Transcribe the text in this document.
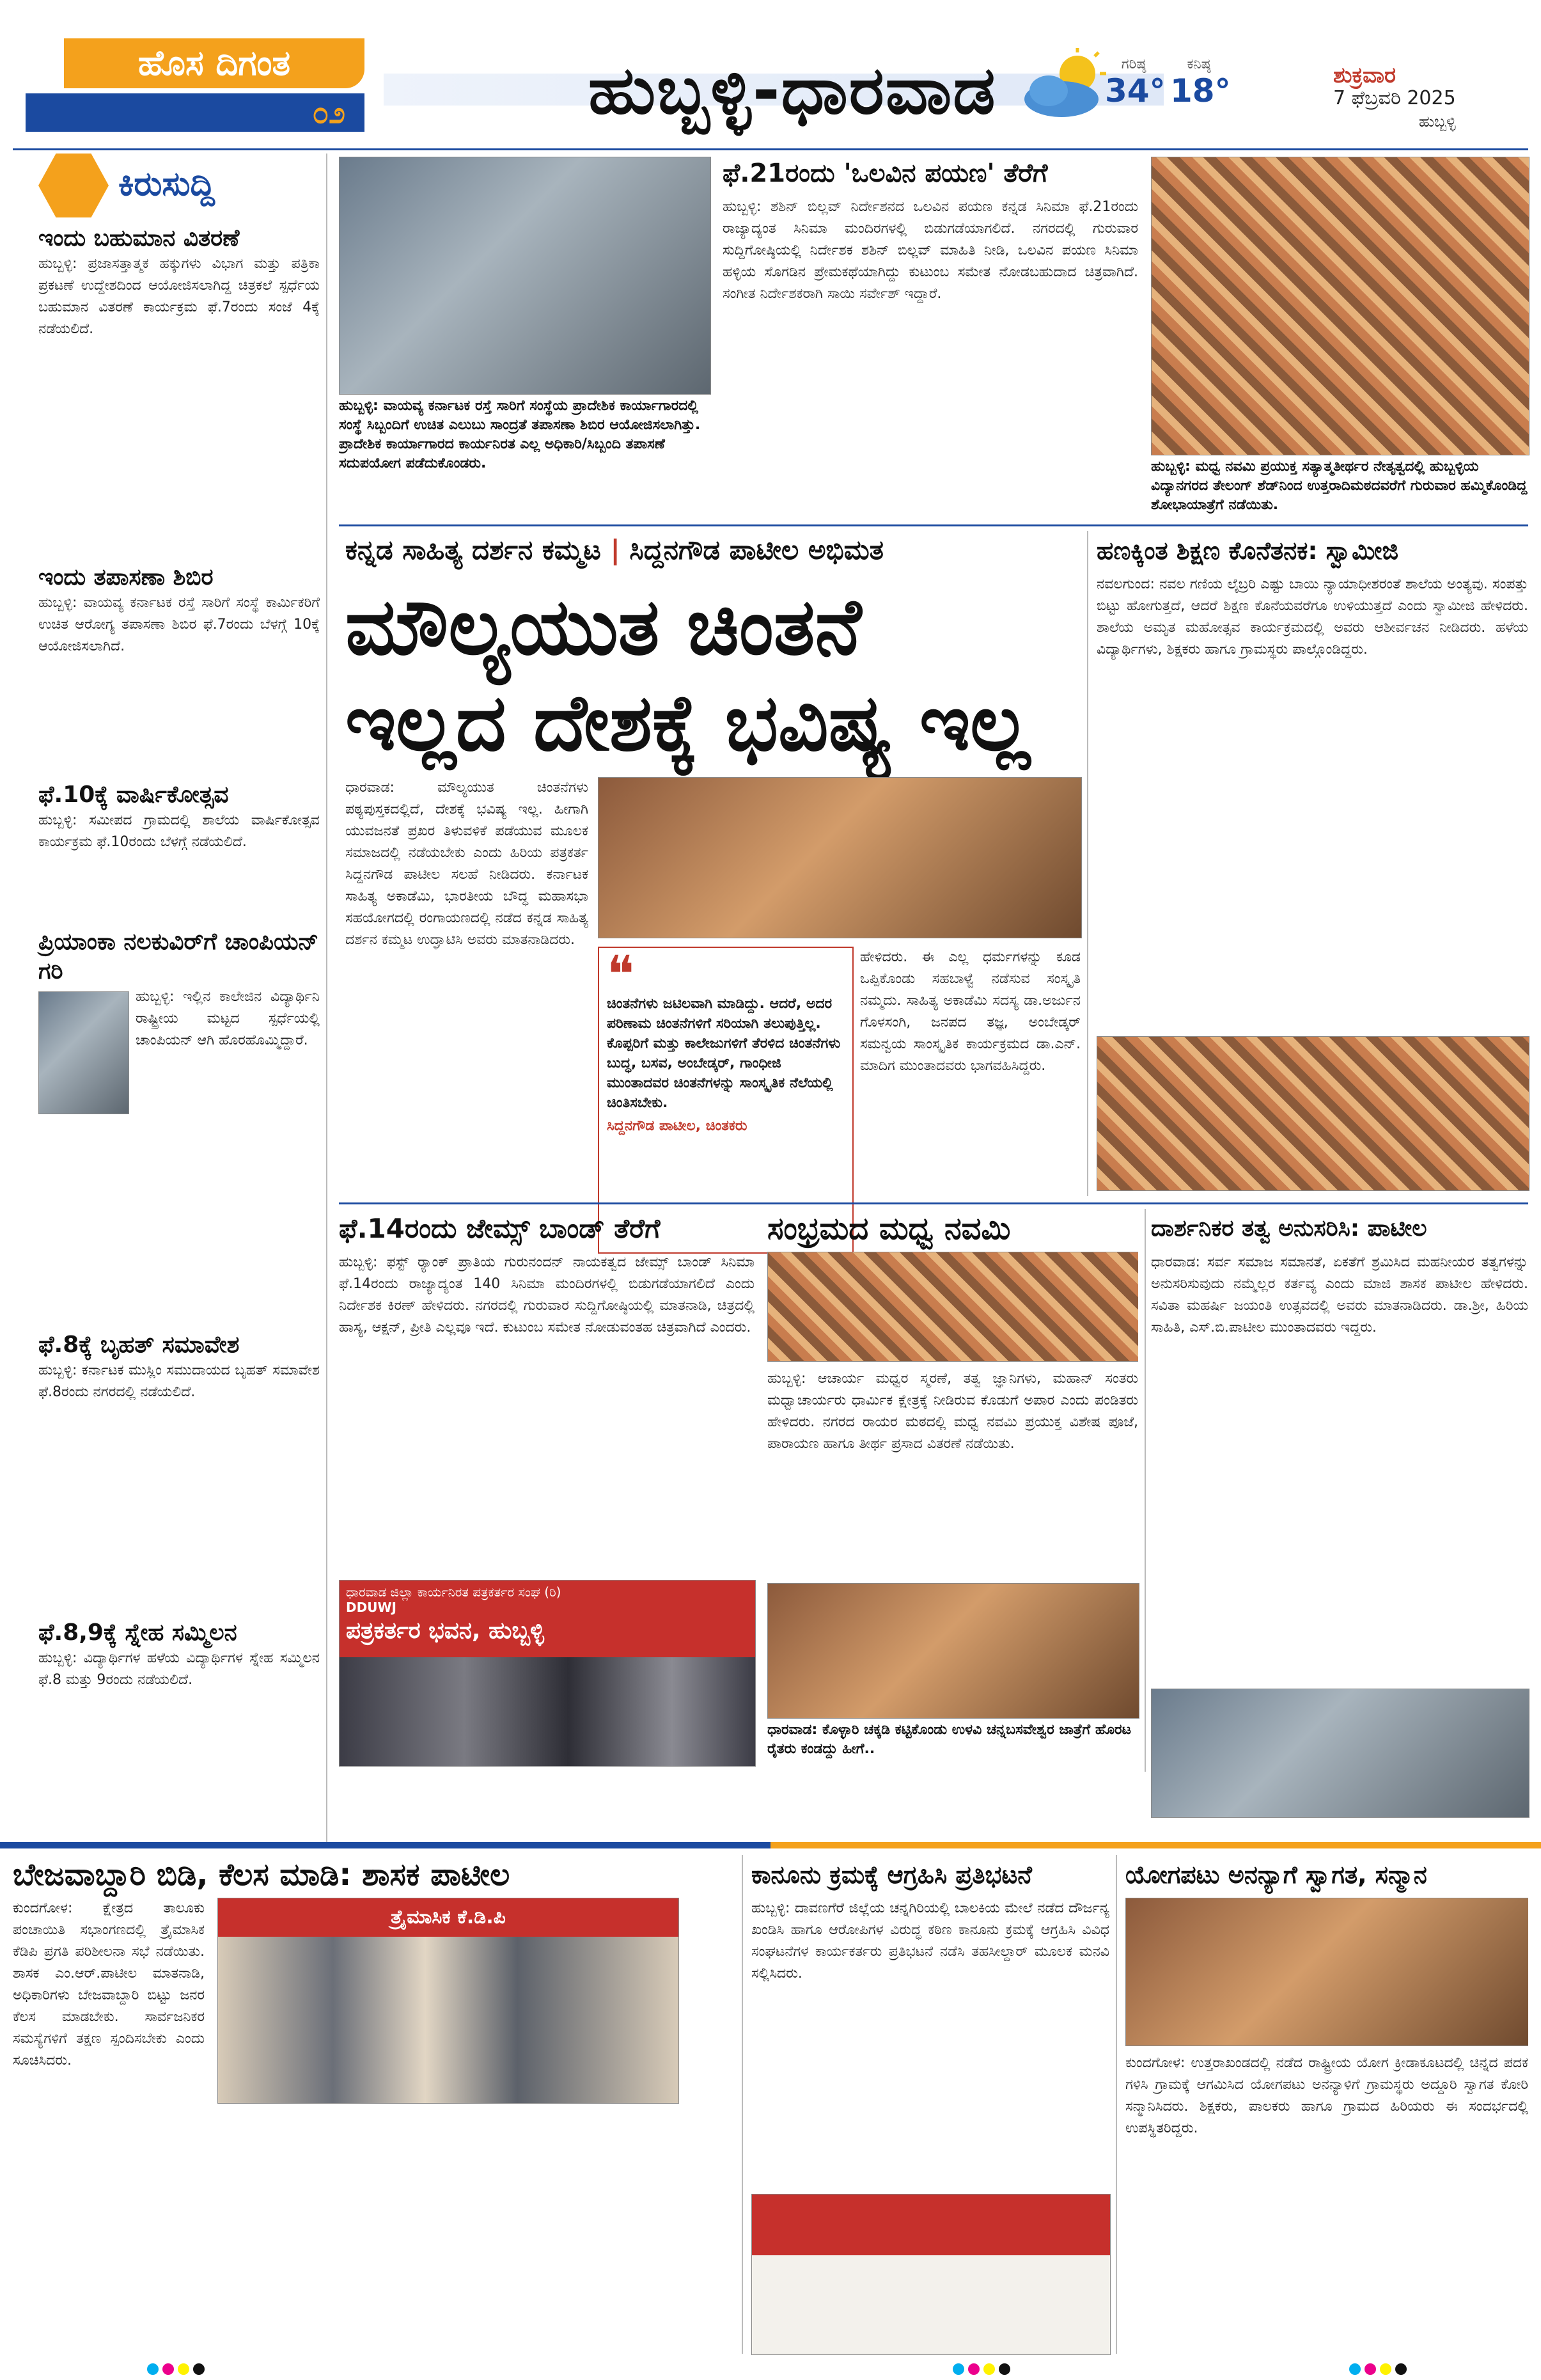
ಹೊಸ ದಿಗಂತ
೦೨	ಹುಬ್ಬಳ್ಳಿ-ಧಾರವಾಡ	ಗರಿಷ್ಠ
34°
ಕನಿಷ್ಠ
18°	ಶುಕ್ರವಾರ
7 ಫೆಬ್ರವರಿ 2025
ಹುಬ್ಬಳ್ಳಿ
ಕಿರುಸುದ್ದಿ
ಇಂದು ಬಹುಮಾನ ವಿತರಣೆ
ಹುಬ್ಬಳ್ಳಿ: ಪ್ರಜಾಸತ್ತಾತ್ಮಕ ಹಕ್ಕುಗಳು ವಿಭಾಗ ಮತ್ತು ಪತ್ರಿಕಾ ಪ್ರಕಟಣೆ ಉದ್ದೇಶದಿಂದ ಆಯೋಜಿಸಲಾಗಿದ್ದ ಚಿತ್ರಕಲೆ ಸ್ಪರ್ಧೆಯ ಬಹುಮಾನ ವಿತರಣೆ ಕಾರ್ಯಕ್ರಮ ಫೆ.7ರಂದು ಸಂಜೆ 4ಕ್ಕೆ ನಡೆಯಲಿದೆ.
ಇಂದು ತಪಾಸಣಾ ಶಿಬಿರ
ಹುಬ್ಬಳ್ಳಿ: ವಾಯವ್ಯ ಕರ್ನಾಟಕ ರಸ್ತೆ ಸಾರಿಗೆ ಸಂಸ್ಥೆ ಕಾರ್ಮಿಕರಿಗೆ ಉಚಿತ ಆರೋಗ್ಯ ತಪಾಸಣಾ ಶಿಬಿರ ಫೆ.7ರಂದು ಬೆಳಗ್ಗೆ 10ಕ್ಕೆ ಆಯೋಜಿಸಲಾಗಿದೆ.
ಫೆ.10ಕ್ಕೆ ವಾರ್ಷಿಕೋತ್ಸವ
ಹುಬ್ಬಳ್ಳಿ: ಸಮೀಪದ ಗ್ರಾಮದಲ್ಲಿ ಶಾಲೆಯ ವಾರ್ಷಿಕೋತ್ಸವ ಕಾರ್ಯಕ್ರಮ ಫೆ.10ರಂದು ಬೆಳಗ್ಗೆ ನಡೆಯಲಿದೆ.
ಪ್ರಿಯಾಂಕಾ ನಲಕುವಿರ್‌ಗೆ ಚಾಂಪಿಯನ್ ಗರಿ
ಹುಬ್ಬಳ್ಳಿ: ಇಲ್ಲಿನ ಕಾಲೇಜಿನ ವಿದ್ಯಾರ್ಥಿನಿ ರಾಷ್ಟ್ರೀಯ ಮಟ್ಟದ ಸ್ಪರ್ಧೆಯಲ್ಲಿ ಚಾಂಪಿಯನ್ ಆಗಿ ಹೊರಹೊಮ್ಮಿದ್ದಾರೆ.
ಫೆ.8ಕ್ಕೆ ಬೃಹತ್ ಸಮಾವೇಶ
ಹುಬ್ಬಳ್ಳಿ: ಕರ್ನಾಟಕ ಮುಸ್ಲಿಂ ಸಮುದಾಯದ ಬೃಹತ್ ಸಮಾವೇಶ ಫೆ.8ರಂದು ನಗರದಲ್ಲಿ ನಡೆಯಲಿದೆ.
ಫೆ.8,9ಕ್ಕೆ ಸ್ನೇಹ ಸಮ್ಮಿಲನ
ಹುಬ್ಬಳ್ಳಿ: ವಿದ್ಯಾರ್ಥಿಗಳ ಹಳೆಯ ವಿದ್ಯಾರ್ಥಿಗಳ ಸ್ನೇಹ ಸಮ್ಮಿಲನ ಫೆ.8 ಮತ್ತು 9ರಂದು ನಡೆಯಲಿದೆ.
ಹುಬ್ಬಳ್ಳಿ: ವಾಯವ್ಯ ಕರ್ನಾಟಕ ರಸ್ತೆ ಸಾರಿಗೆ ಸಂಸ್ಥೆಯ ಪ್ರಾದೇಶಿಕ ಕಾರ್ಯಾಗಾರದಲ್ಲಿ ಸಂಸ್ಥೆ ಸಿಬ್ಬಂದಿಗೆ ಉಚಿತ ಎಲುಬು ಸಾಂದ್ರತೆ ತಪಾಸಣಾ ಶಿಬಿರ ಆಯೋಜಿಸಲಾಗಿತ್ತು. ಪ್ರಾದೇಶಿಕ ಕಾರ್ಯಾಗಾರದ ಕಾರ್ಯನಿರತ ಎಲ್ಲ ಅಧಿಕಾರಿ/ಸಿಬ್ಬಂದಿ ತಪಾಸಣೆ ಸದುಪಯೋಗ ಪಡೆದುಕೊಂಡರು.
ಫೆ.21ರಂದು 'ಒಲವಿನ ಪಯಣ' ತೆರೆಗೆ
ಹುಬ್ಬಳ್ಳಿ: ಶಶಿನ್ ಬಿಲ್ಲವ್ ನಿರ್ದೇಶನದ ಒಲವಿನ ಪಯಣ ಕನ್ನಡ ಸಿನಿಮಾ ಫೆ.21ರಂದು ರಾಜ್ಯಾದ್ಯಂತ ಸಿನಿಮಾ ಮಂದಿರಗಳಲ್ಲಿ ಬಿಡುಗಡೆಯಾಗಲಿದೆ. ನಗರದಲ್ಲಿ ಗುರುವಾರ ಸುದ್ದಿಗೋಷ್ಠಿಯಲ್ಲಿ ನಿರ್ದೇಶಕ ಶಶಿನ್ ಬಿಲ್ಲವ್ ಮಾಹಿತಿ ನೀಡಿ, ಒಲವಿನ ಪಯಣ ಸಿನಿಮಾ ಹಳ್ಳಿಯ ಸೊಗಡಿನ ಪ್ರೇಮಕಥೆಯಾಗಿದ್ದು ಕುಟುಂಬ ಸಮೇತ ನೋಡಬಹುದಾದ ಚಿತ್ರವಾಗಿದೆ. ಸಂಗೀತ ನಿರ್ದೇಶಕರಾಗಿ ಸಾಯಿ ಸರ್ವೇಶ್ ಇದ್ದಾರೆ.
ಹುಬ್ಬಳ್ಳಿ: ಮಧ್ವ ನವಮಿ ಪ್ರಯುಕ್ತ ಸತ್ಯಾತ್ಮತೀರ್ಥರ ನೇತೃತ್ವದಲ್ಲಿ ಹುಬ್ಬಳ್ಳಿಯ ವಿದ್ಯಾನಗರದ ತೇಲಂಗ್ ಶೆಡ್‌ನಿಂದ ಉತ್ತರಾದಿಮಠದವರೆಗೆ ಗುರುವಾರ ಹಮ್ಮಿಕೊಂಡಿದ್ದ ಶೋಭಾಯಾತ್ರೆಗೆ ನಡೆಯಿತು.
ಕನ್ನಡ ಸಾಹಿತ್ಯ ದರ್ಶನ ಕಮ್ಮಟ | ಸಿದ್ದನಗೌಡ ಪಾಟೀಲ ಅಭಿಮತ
ಮೌಲ್ಯಯುತ ಚಿಂತನೆ
ಇಲ್ಲದ ದೇಶಕ್ಕೆ ಭವಿಷ್ಯ ಇಲ್ಲ
ಧಾರವಾಡ: ಮೌಲ್ಯಯುತ ಚಿಂತನೆಗಳು ಪಠ್ಯಪುಸ್ತಕದಲ್ಲಿದೆ, ದೇಶಕ್ಕೆ ಭವಿಷ್ಯ ಇಲ್ಲ. ಹೀಗಾಗಿ ಯುವಜನತೆ ಪ್ರಖರ ತಿಳುವಳಿಕೆ ಪಡೆಯುವ ಮೂಲಕ ಸಮಾಜದಲ್ಲಿ ನಡೆಯಬೇಕು ಎಂದು ಹಿರಿಯ ಪತ್ರಕರ್ತ ಸಿದ್ದನಗೌಡ ಪಾಟೀಲ ಸಲಹೆ ನೀಡಿದರು. ಕರ್ನಾಟಕ ಸಾಹಿತ್ಯ ಅಕಾಡೆಮಿ, ಭಾರತೀಯ ಬೌದ್ಧ ಮಹಾಸಭಾ ಸಹಯೋಗದಲ್ಲಿ ರಂಗಾಯಣದಲ್ಲಿ ನಡೆದ ಕನ್ನಡ ಸಾಹಿತ್ಯ ದರ್ಶನ ಕಮ್ಮಟ ಉದ್ಘಾಟಿಸಿ ಅವರು ಮಾತನಾಡಿದರು.
❝
ಚಿಂತನೆಗಳು ಜಟಿಲವಾಗಿ ಮಾಡಿದ್ದು. ಆದರೆ, ಅದರ ಪರಿಣಾಮ ಚಿಂತನೆಗಳಿಗೆ ಸರಿಯಾಗಿ ತಲುಪುತ್ತಿಲ್ಲ. ಕೊಪ್ಪರಿಗೆ ಮತ್ತು ಕಾಲೇಜುಗಳಿಗೆ ತೆರಳಿದ ಚಿಂತನೆಗಳು ಬುದ್ಧ, ಬಸವ, ಅಂಬೇಡ್ಕರ್, ಗಾಂಧೀಜಿ ಮುಂತಾದವರ ಚಿಂತನೆಗಳನ್ನು ಸಾಂಸ್ಕೃತಿಕ ನೆಲೆಯಲ್ಲಿ ಚಿಂತಿಸಬೇಕು.
ಸಿದ್ದನಗೌಡ ಪಾಟೀಲ, ಚಿಂತಕರು
ಹೇಳಿದರು. ಈ ಎಲ್ಲ ಧರ್ಮಗಳನ್ನು ಕೂಡ ಒಪ್ಪಿಕೊಂಡು ಸಹಬಾಳ್ವೆ ನಡೆಸುವ ಸಂಸ್ಕೃತಿ ನಮ್ಮದು. ಸಾಹಿತ್ಯ ಅಕಾಡೆಮಿ ಸದಸ್ಯ ಡಾ.ಅರ್ಜುನ ಗೊಳಸಂಗಿ, ಜನಪದ ತಜ್ಞ, ಅಂಬೇಡ್ಕರ್ ಸಮನ್ವಯ ಸಾಂಸ್ಕೃತಿಕ ಕಾರ್ಯಕ್ರಮದ ಡಾ.ಎನ್. ಮಾದಿಗ ಮುಂತಾದವರು ಭಾಗವಹಿಸಿದ್ದರು.
ಹಣಕ್ಕಿಂತ ಶಿಕ್ಷಣ ಕೊನೆತನಕ: ಸ್ವಾಮೀಜಿ
ನವಲಗುಂದ: ನವಲ ಗಣಿಯ ಲೈಬ್ರರಿ ಎಷ್ಟು ಬಾಯಿ ನ್ಯಾಯಾಧೀಶರಂತೆ ಶಾಲೆಯ ಅಂತ್ಯವು. ಸಂಪತ್ತು ಬಿಟ್ಟು ಹೋಗುತ್ತದೆ, ಆದರೆ ಶಿಕ್ಷಣ ಕೊನೆಯವರೆಗೂ ಉಳಿಯುತ್ತದೆ ಎಂದು ಸ್ವಾಮೀಜಿ ಹೇಳಿದರು. ಶಾಲೆಯ ಅಮೃತ ಮಹೋತ್ಸವ ಕಾರ್ಯಕ್ರಮದಲ್ಲಿ ಅವರು ಆಶೀರ್ವಚನ ನೀಡಿದರು. ಹಳೆಯ ವಿದ್ಯಾರ್ಥಿಗಳು, ಶಿಕ್ಷಕರು ಹಾಗೂ ಗ್ರಾಮಸ್ಥರು ಪಾಲ್ಗೊಂಡಿದ್ದರು.
ಫೆ.14ರಂದು ಜೇಮ್ಸ್ ಬಾಂಡ್ ತೆರೆಗೆ
ಹುಬ್ಬಳ್ಳಿ: ಫಸ್ಟ್ ರ‍್ಯಾಂಕ್ ಪ್ರಾತಿಯ ಗುರುನಂದನ್ ನಾಯಕತ್ವದ ಜೇಮ್ಸ್ ಬಾಂಡ್ ಸಿನಿಮಾ ಫೆ.14ರಂದು ರಾಜ್ಯಾದ್ಯಂತ 140 ಸಿನಿಮಾ ಮಂದಿರಗಳಲ್ಲಿ ಬಿಡುಗಡೆಯಾಗಲಿದೆ ಎಂದು ನಿರ್ದೇಶಕ ಕಿರಣ್ ಹೇಳಿದರು. ನಗರದಲ್ಲಿ ಗುರುವಾರ ಸುದ್ದಿಗೋಷ್ಠಿಯಲ್ಲಿ ಮಾತನಾಡಿ, ಚಿತ್ರದಲ್ಲಿ ಹಾಸ್ಯ, ಆಕ್ಷನ್, ಪ್ರೀತಿ ಎಲ್ಲವೂ ಇದೆ. ಕುಟುಂಬ ಸಮೇತ ನೋಡುವಂತಹ ಚಿತ್ರವಾಗಿದೆ ಎಂದರು.
ಧಾರವಾಡ ಜಿಲ್ಲಾ ಕಾರ್ಯನಿರತ ಪತ್ರಕರ್ತರ ಸಂಘ (ರಿ)
DDUWJ
ಪತ್ರಕರ್ತರ ಭವನ, ಹುಬ್ಬಳ್ಳಿ
ಸಂಭ್ರಮದ ಮಧ್ವ ನವಮಿ
ಹುಬ್ಬಳ್ಳಿ: ಆಚಾರ್ಯ ಮಧ್ವರ ಸ್ಮರಣೆ, ತತ್ವ ಜ್ಞಾನಿಗಳು, ಮಹಾನ್ ಸಂತರು ಮಧ್ವಾಚಾರ್ಯರು ಧಾರ್ಮಿಕ ಕ್ಷೇತ್ರಕ್ಕೆ ನೀಡಿರುವ ಕೊಡುಗೆ ಅಪಾರ ಎಂದು ಪಂಡಿತರು ಹೇಳಿದರು. ನಗರದ ರಾಯರ ಮಠದಲ್ಲಿ ಮಧ್ವ ನವಮಿ ಪ್ರಯುಕ್ತ ವಿಶೇಷ ಪೂಜೆ, ಪಾರಾಯಣ ಹಾಗೂ ತೀರ್ಥ ಪ್ರಸಾದ ವಿತರಣೆ ನಡೆಯಿತು.
ಧಾರವಾಡ: ಕೊಳ್ಳಾರಿ ಚಕ್ಕಡಿ ಕಟ್ಟಿಕೊಂಡು ಉಳವಿ ಚನ್ನಬಸವೇಶ್ವರ ಜಾತ್ರೆಗೆ ಹೊರಟ ರೈತರು ಕಂಡದ್ದು ಹೀಗೆ..
ದಾರ್ಶನಿಕರ ತತ್ವ ಅನುಸರಿಸಿ: ಪಾಟೀಲ
ಧಾರವಾಡ: ಸರ್ವ ಸಮಾಜ ಸಮಾನತೆ, ಏಕತೆಗೆ ಶ್ರಮಿಸಿದ ಮಹನೀಯರ ತತ್ವಗಳನ್ನು ಅನುಸರಿಸುವುದು ನಮ್ಮೆಲ್ಲರ ಕರ್ತವ್ಯ ಎಂದು ಮಾಜಿ ಶಾಸಕ ಪಾಟೀಲ ಹೇಳಿದರು. ಸವಿತಾ ಮಹರ್ಷಿ ಜಯಂತಿ ಉತ್ಸವದಲ್ಲಿ ಅವರು ಮಾತನಾಡಿದರು. ಡಾ.ಶ್ರೀ, ಹಿರಿಯ ಸಾಹಿತಿ, ಎಸ್.ಬಿ.ಪಾಟೀಲ ಮುಂತಾದವರು ಇದ್ದರು.
ಬೇಜವಾಬ್ದಾರಿ ಬಿಡಿ, ಕೆಲಸ ಮಾಡಿ: ಶಾಸಕ ಪಾಟೀಲ
ಕುಂದಗೋಳ: ಕ್ಷೇತ್ರದ ತಾಲೂಕು ಪಂಚಾಯಿತಿ ಸಭಾಂಗಣದಲ್ಲಿ ತ್ರೈಮಾಸಿಕ ಕೆಡಿಪಿ ಪ್ರಗತಿ ಪರಿಶೀಲನಾ ಸಭೆ ನಡೆಯಿತು. ಶಾಸಕ ಎಂ.ಆರ್.ಪಾಟೀಲ ಮಾತನಾಡಿ, ಅಧಿಕಾರಿಗಳು ಬೇಜವಾಬ್ದಾರಿ ಬಿಟ್ಟು ಜನರ ಕೆಲಸ ಮಾಡಬೇಕು. ಸಾರ್ವಜನಿಕರ ಸಮಸ್ಯೆಗಳಿಗೆ ತಕ್ಷಣ ಸ್ಪಂದಿಸಬೇಕು ಎಂದು ಸೂಚಿಸಿದರು.
ತ್ರೈಮಾಸಿಕ ಕೆ.ಡಿ.ಪಿ
ಕಾನೂನು ಕ್ರಮಕ್ಕೆ ಆಗ್ರಹಿಸಿ ಪ್ರತಿಭಟನೆ
ಹುಬ್ಬಳ್ಳಿ: ದಾವಣಗೆರೆ ಜಿಲ್ಲೆಯ ಚನ್ನಗಿರಿಯಲ್ಲಿ ಬಾಲಕಿಯ ಮೇಲೆ ನಡೆದ ದೌರ್ಜನ್ಯ ಖಂಡಿಸಿ ಹಾಗೂ ಆರೋಪಿಗಳ ವಿರುದ್ಧ ಕಠಿಣ ಕಾನೂನು ಕ್ರಮಕ್ಕೆ ಆಗ್ರಹಿಸಿ ವಿವಿಧ ಸಂಘಟನೆಗಳ ಕಾರ್ಯಕರ್ತರು ಪ್ರತಿಭಟನೆ ನಡೆಸಿ ತಹಸೀಲ್ದಾರ್ ಮೂಲಕ ಮನವಿ ಸಲ್ಲಿಸಿದರು.
ಯೋಗಪಟು ಅನನ್ಯಾಗೆ ಸ್ವಾಗತ, ಸನ್ಮಾನ
ಕುಂದಗೋಳ: ಉತ್ತರಾಖಂಡದಲ್ಲಿ ನಡೆದ ರಾಷ್ಟ್ರೀಯ ಯೋಗ ಕ್ರೀಡಾಕೂಟದಲ್ಲಿ ಚಿನ್ನದ ಪದಕ ಗಳಿಸಿ ಗ್ರಾಮಕ್ಕೆ ಆಗಮಿಸಿದ ಯೋಗಪಟು ಅನನ್ಯಾಳಿಗೆ ಗ್ರಾಮಸ್ಥರು ಅದ್ದೂರಿ ಸ್ವಾಗತ ಕೋರಿ ಸನ್ಮಾನಿಸಿದರು. ಶಿಕ್ಷಕರು, ಪಾಲಕರು ಹಾಗೂ ಗ್ರಾಮದ ಹಿರಿಯರು ಈ ಸಂದರ್ಭದಲ್ಲಿ ಉಪಸ್ಥಿತರಿದ್ದರು.
